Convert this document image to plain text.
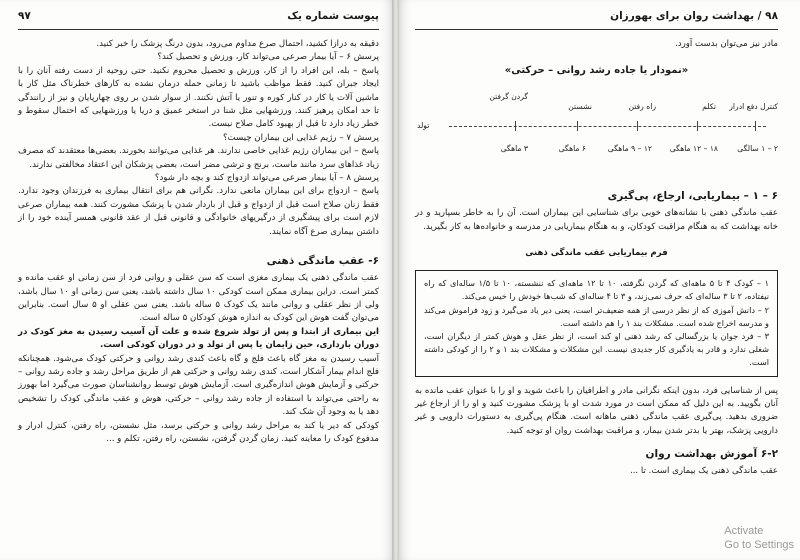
پیوست شماره یک
۹۷

دقیقه به درازا کشید، احتمال صرع مداوم می‌رود، بدون درنگ پزشک را خبر کنید.

پرسش ۶ – آیا بیمار صرعی می‌تواند کار، ورزش و تحصیل کند؟

پاسخ – بله، این افراد را از کار، ورزش و تحصیل محروم نکنید. حتی روحیه از دست رفته آنان را با ایجاد جبران کنید. فقط مواظب باشید تا زمانی حمله درمان نشده به کارهای خطرناک مثل کار با ماشین آلات یا کار در کنار کوره و تنور یا آتش نکنند. از سوار شدن بر روی چهارپایان و نیز از رانندگی تا حد امکان پرهیز کنند. ورزشهایی مثل شنا در استخر عمیق و دریا یا ورزشهایی که احتمال سقوط و خطر زیاد دارد تا قبل از بهبود کامل صلاح نیست.

پرسش ۷ – رژیم غذایی این بیماران چیست؟

پاسخ – این بیماران رژیم غذایی خاصی ندارند. هر غذایی می‌توانند بخورند. بعضی‌ها معتقدند که مصرف زیاد غذاهای سرد مانند ماست، برنج و ترشی مضر است، بعضی پزشکان این اعتقاد مخالفتی ندارند.

پرسش ۸ – آیا بیمار صرعی می‌تواند ازدواج کند و بچه دار شود؟

پاسخ – ازدواج برای این بیماران مانعی ندارد. نگرانی هم برای انتقال بیماری به فرزندان وجود ندارد. فقط زنان صلاح است قبل از ازدواج و قبل از باردار شدن با پزشک مشورت کنند. همه بیماران صرعی لازم است برای پیشگیری از درگیریهای خانوادگی و قانونی قبل از عقد قانونی همسر آینده خود را از داشتن بیماری صرع آگاه نمایند.

۶- عقب ماندگی ذهنی

عقب ماندگی ذهنی یک بیماری مغزی است که سن عقلی و روانی فرد از سن زمانی او عقب مانده و کمتر است. دراین بیماری ممکن است کودکی ۱۰ سال داشته باشد، یعنی سن زمانی او ۱۰ سال باشد، ولی از نظر عقلی و روانی مانند یک کودک ۵ ساله باشد. یعنی سن عقلی او ۵ سال است. بنابراین می‌توان گفت هوش این کودک به اندازه هوش کودکان ۵ ساله است.

این بیماری از ابتدا و پس از تولد شروع شده و علت آن آسیب رسیدن به مغز کودک در دوران بارداری، حین زایمان یا پس از تولد و در دوران کودکی است.

آسیب رسیدن به مغز گاه باعث فلج و گاه باعث کندی رشد روانی و حرکتی کودک می‌شود. همچنانکه فلج اندام بیمار آشکار است، کندی رشد روانی و حرکتی هم از طریق مراحل رشد و جاده رشد روانی – حرکتی و آزمایش هوش اندازه‌گیری است. آزمایش هوش توسط روانشناسان صورت می‌گیرد اما بهورز به راحتی می‌تواند با استفاده از جاده رشد روانی – حرکتی، هوش و عقب ماندگی کودک را تشخیص دهد یا به وجود آن شک کند.

کودکی که دیر یا کند به مراحل رشد روانی و حرکتی برسد، مثل نشستن، راه رفتن، کنترل ادرار و مدفوع کودک را معاینه کنید. زمان گردن گرفتن، نشستن، راه رفتن، تکلم و ...

۹۸ / بهداشت روان برای بهورزان

مادر نیز می‌توان بدست آورد.

«نمودار یا جاده رشد روانی – حرکتی»
کنترل دفع ادرار
تکلم
راه رفتن
نشستن
گردن گرفتن
تولد
۲ – ۱ سالگی
۱۸ – ۱۲ ماهگی
۱۲ – ۹ ماهگی
۶ ماهگی
۳ ماهگی
۶ – ۱ – بیماریابی، ارجاع، پی‌گیری

عقب ماندگی ذهنی با نشانه‌های خوبی برای شناسایی این بیماران است. آن را به خاطر بسپارید و در خانه بهداشت که به هنگام مراقبت کودکان، و به هنگام بیماریابی در مدرسه و خانواده‌ها به کار بگیرید.

فرم بیماریابی عقب ماندگی ذهنی

۱ – کودک ۴ تا ۵ ماهه‌ای که گردن نگرفته، ۱۰ تا ۱۲ ماهه‌ای که ننشسته، ۱۰ تا ۱/۵ ساله‌ای که راه نیفتاده، ۲ تا ۳ ساله‌ای که حرف نمی‌زند، و ۳ تا ۴ ساله‌ای که شب‌ها خودش را خیس می‌کند.

۲ – دانش آموزی که از نظر درسی از همه ضعیف‌تر است، یعنی دیر یاد می‌گیرد و زود فراموش می‌کند و مدرسه اخراج شده است. مشکلات بند ۱ را هم داشته است.

۳ – فرد جوان یا بزرگسالی که رشد ذهنی او کند است، از نظر عقل و هوش کمتر از دیگران است، شغلی ندارد و قادر به یادگیری کار جدیدی نیست. این مشکلات و مشکلات بند ۱ و ۲ را از کودکی داشته است.

پس از شناسایی فرد، بدون اینکه نگرانی مادر و اطرافیان را باعث شوید و او را با عنوان عقب مانده به آنان بگویید. به این دلیل که ممکن است در مورد شدت او با پزشک مشورت کنید و او را از ارجاع غیر ضروری بدهید. پی‌گیری عقب ماندگی ذهنی ماهانه است. هنگام پی‌گیری به دستورات دارویی و غیر دارویی پزشک، بهتر یا بدتر شدن بیمار، و مراقبت بهداشت روان او توجه کنید.

۶-۲ آموزش بهداشت روان

عقب ماندگی ذهنی یک بیماری است. تا ...

Activate
Go to Settings
